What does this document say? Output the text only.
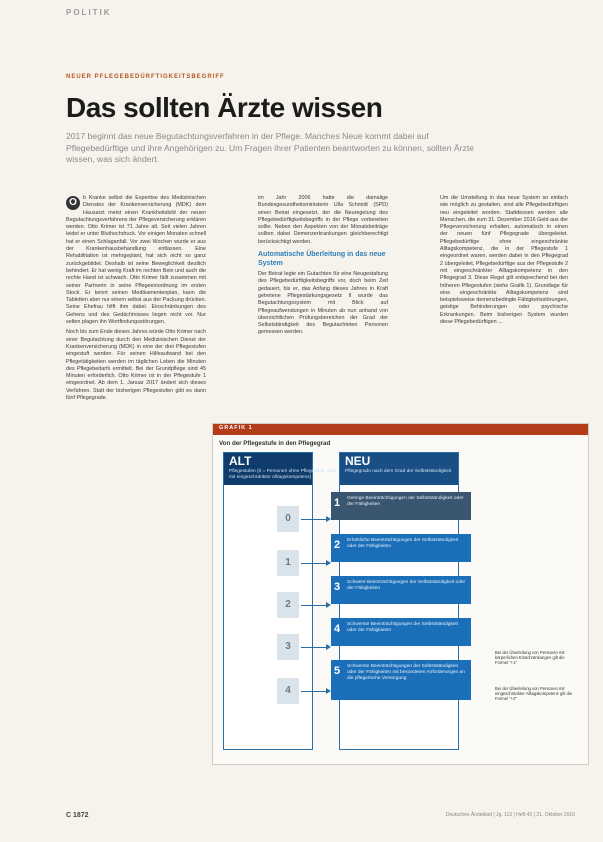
POLITIK
NEUER PFLEGEBEDÜRFTIGKEITSBEGRIFF
Das sollten Ärzte wissen
2017 beginnt das neue Begutachtungsverfahren in der Pflege. Manches Neue kommt dabei auf Pflegebedürftige und ihre Angehörigen zu. Um Fragen ihrer Patienten beantworten zu können, sollten Ärzte wissen, was sich ändert.
O	b Kranke selbst die Expertise des Medizinischen Dienstes der Krankenversicherung (MDK) dem Hausarzt meist einen Krankheitsbild der neuen Begutachtungsverfahrens der Pflegeversicherung erklären werden. Otto Krimer ist 71 Jahre alt. Seit vielen Jahren leidet er unter Bluthochdruck. Vor einigen Monaten schnell hat er einen Schlaganfall. Vor zwei Wochen wurde er aus der Krankenhausbehandlung entlassen. Eine Rehabilitation ist mehrgeplant, hat sich nicht so ganz zurückgebildet. Deshalb ist seine Beweglichkeit deutlich behindert. Er hat wenig Kraft im rechten Bein und auch die rechte Hand ist schwach. Otto Krimer fällt zusammen mit seiner Partnerin in seine Pflegeeinordnung im ersten Stock. Er kennt seinen Medikamentenplan, kann die Tabletten aber nur einem selbst aus der Packung drücken. Seine Ehefrau hilft ihm dabei. Einschränkungen des Gehens und des Gedächtnisses liegen nicht vor. Nur selten plagen ihn Wortfindungsstörungen.

Noch bis zum Ende dieses Jahres würde Otto Krimer nach einer Begutachtung durch den Medizinischen Dienst der Krankenversicherung (MDK) in eine der drei Pflegestufen eingestuft werden. Für seinen Hilfeaufwand bei den Pflegetätigkeiten werden im täglichen Leben die Minuten des Pflegebedarfs ermittelt. Bei der Grundpflege sind 45 Minuten erforderlich. Otto Krimer ist in der Pflegestufe 1 eingeordnet. Ab dem 1. Januar 2017 ändert sich dieses Verfahren. Statt der bisherigen Pflegestufen gibt es dann fünf Pflegegrade.

im Jahr 2006 hatte die damalige Bundesgesundheitsministerin Ulla Schmidt (SPD) einen Beirat eingesetzt, der die Neuregelung des Pflegebedürftigkeitsbegriffs in der Pflege vorbereiten sollte. Neben den Aspekten von der Monatsbeiträge sollten dabei Demenzerkrankungen gleichberechtigt berücksichtigt werden.

Automatische Überleitung in das neue System

Der Beirat legte ein Gutachten für eine Neugestaltung des Pflegebedürftigkeitsbegriffs vor, doch beim Zeit gedauert, bis er, das Anfang dieses Jahres in Kraft getretene Pflegestärkungsgesetz II wurde das Begutachtungssystem mit Blick auf Pflegeaufwendungen in Minuten ab nun anhand von übersichtlichen Prüfungsbereichen der Grad der Selbstständigkeit des Begutachteten Personen gemessen werden.

Um die Umstellung in das neue System so einfach wie möglich zu gestalten, sind alle Pflegebedürftigen neu eingeleitet worden. Stattdessen werden alle Menschen, die zum 31. Dezember 2016 Geld aus der Pflegeversicherung erhalten, automatisch in einen der neuen fünf Pflegegrade übergeleitet. Pflegebedürftige ohne eingeschränkte Alltagskompetenz, die in der Pflegestufe 1 eingeordnet waren, werden dabei in den Pflegegrad 2 übergeleitet, Pflegebedürftige aus der Pflegestufe 2 mit eingeschränkter Alltagskompetenz in den Pflegegrad 3. Diese Regel gilt entsprechend bei den höheren Pflegestufen (siehe Grafik 1). Grundlage für eine eingeschränkte Alltagskompetenz sind beispielsweise demenzbedingte Fähigkeitsstörungen, geistige Behinderungen oder psychische Erkrankungen. Beim bisherigen System wurden diese Pflegebedürftigen ...

GRAFIK 1
Von der Pflegestufe in den Pflegegrad
ALT
Pflegestufen (0 = Personen ohne Pflegestufe, aber mit eingeschränkter Alltagskompetenz)
NEU
Pflegegrade nach dem Grad der Selbstständigkeit
0
1
2
3
4
1 Geringe Beeinträchtigungen der Selbstständigkeit oder der Fähigkeiten
2 Erhebliche Beeinträchtigungen der Selbstständigkeit oder der Fähigkeiten
3 Schwere Beeinträchtigungen der Selbstständigkeit oder der Fähigkeiten
4 Schwerste Beeinträchtigungen der Selbstständigkeit oder der Fähigkeiten
5 Schwerste Beeinträchtigungen der Selbstständigkeit oder der Fähigkeiten mit besonderen Anforderungen an die pflegerische Versorgung
Bei der Überleitung von Personen mit körperlichen Einschränkungen gilt die Formel "+1"
Bei der Überleitung von Personen mit eingeschränkter Alltagskompetenz gilt die Formel "+2"
C 1872	Deutsches Ärzteblatt | Jg. 113 | Heft 42 | 21. Oktober 2016
